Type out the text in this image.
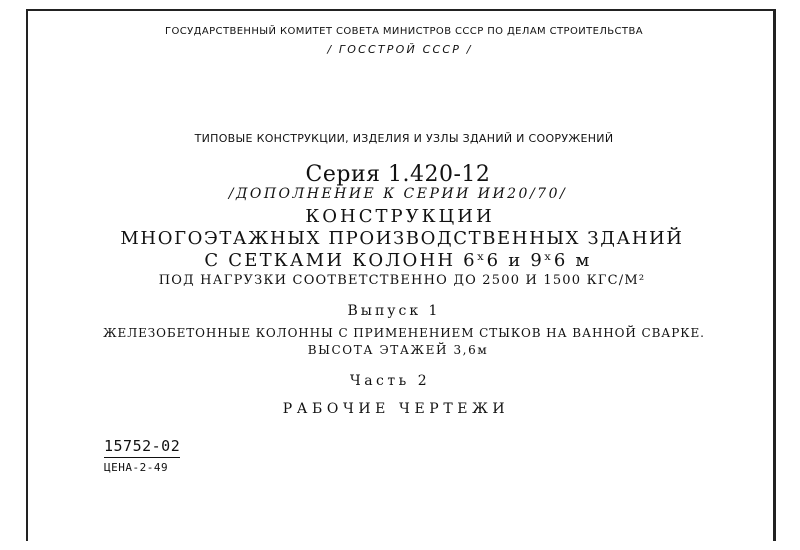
ГОСУДАРСТВЕННЫЙ КОМИТЕТ СОВЕТА МИНИСТРОВ СССР ПО ДЕЛАМ СТРОИТЕЛЬСТВА
/ ГОССТРОЙ СССР /
ТИПОВЫЕ КОНСТРУКЦИИ, ИЗДЕЛИЯ И УЗЛЫ ЗДАНИЙ И СООРУЖЕНИЙ
Серия 1.420-12
/ДОПОЛНЕНИЕ К СЕРИИ ИИ20/70/
КОНСТРУКЦИИ
МНОГОЭТАЖНЫХ ПРОИЗВОДСТВЕННЫХ ЗДАНИЙ
С СЕТКАМИ КОЛОНН 6ˣ6 и 9ˣ6 м
ПОД НАГРУЗКИ СООТВЕТСТВЕННО ДО 2500 И 1500 КГС/М²
Выпуск 1
ЖЕЛЕЗОБЕТОННЫЕ КОЛОННЫ С ПРИМЕНЕНИЕМ СТЫКОВ НА ВАННОЙ СВАРКЕ.
ВЫСОТА ЭТАЖЕЙ 3,6м
Часть 2
РАБОЧИЕ ЧЕРТЕЖИ
15752-02
ЦЕНА-2-49
